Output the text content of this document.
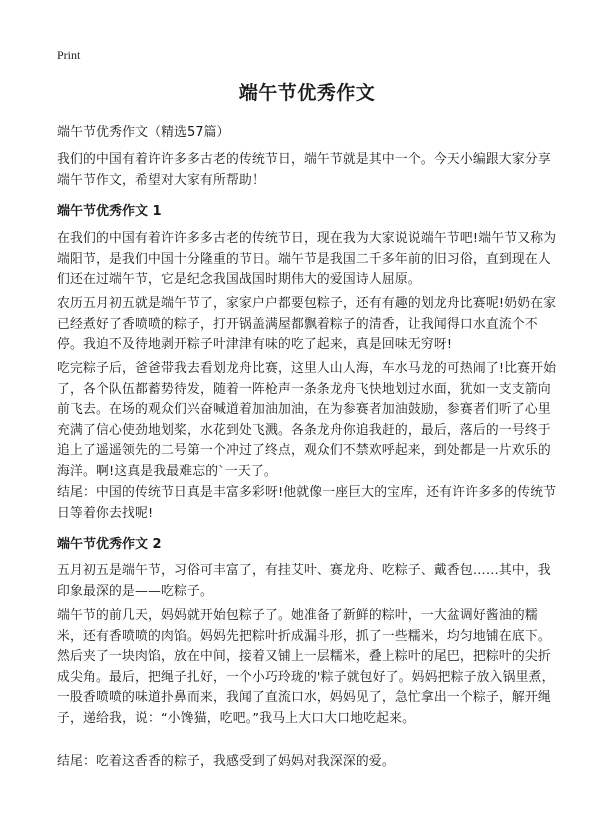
Print
端午节优秀作文
端午节优秀作文（精选57篇）

我们的中国有着许许多多古老的传统节日，端午节就是其中一个。今天小编跟大家分享端午节作文，希望对大家有所帮助！

端午节优秀作文 1

在我们的中国有着许许多多古老的传统节日，现在我为大家说说端午节吧!端午节又称为端阳节，是我们中国十分隆重的节日。端午节是我国二千多年前的旧习俗，直到现在人们还在过端午节，它是纪念我国战国时期伟大的爱国诗人屈原。

农历五月初五就是端午节了，家家户户都要包粽子，还有有趣的划龙舟比赛呢!奶奶在家已经煮好了香喷喷的粽子，打开锅盖满屋都飘着粽子的清香，让我闻得口水直流个不停。我迫不及待地剥开粽子叶津津有味的吃了起来，真是回味无穷呀!

吃完粽子后，爸爸带我去看划龙舟比赛，这里人山人海，车水马龙的可热闹了!比赛开始了，各个队伍都蓄势待发，随着一阵枪声一条条龙舟飞快地划过水面，犹如一支支箭向前飞去。在场的观众们兴奋喊道着加油加油，在为参赛者加油鼓励，参赛者们听了心里充满了信心使劲地划桨，水花到处飞溅。各条龙舟你追我赶的，最后，落后的一号终于追上了遥遥领先的二号第一个冲过了终点，观众们不禁欢呼起来，到处都是一片欢乐的海洋。啊!这真是我最难忘的`一天了。

结尾：中国的传统节日真是丰富多彩呀!他就像一座巨大的宝库，还有许许多多的传统节日等着你去找呢!

端午节优秀作文 2

五月初五是端午节，习俗可丰富了，有挂艾叶、赛龙舟、吃粽子、戴香包……其中，我印象最深的是——吃粽子。

端午节的前几天，妈妈就开始包粽子了。她准备了新鲜的粽叶，一大盆调好酱油的糯米，还有香喷喷的肉馅。妈妈先把粽叶折成漏斗形，抓了一些糯米，均匀地铺在底下。然后夹了一块肉馅，放在中间，接着又铺上一层糯米，叠上粽叶的尾巴，把粽叶的尖折成尖角。最后，把绳子扎好，一个小巧玲珑的'粽子就包好了。妈妈把粽子放入锅里煮，一股香喷喷的味道扑鼻而来，我闻了直流口水，妈妈见了，急忙拿出一个粽子，解开绳子，递给我，说：“小馋猫，吃吧。”我马上大口大口地吃起来。

结尾：吃着这香香的粽子，我感受到了妈妈对我深深的爱。
